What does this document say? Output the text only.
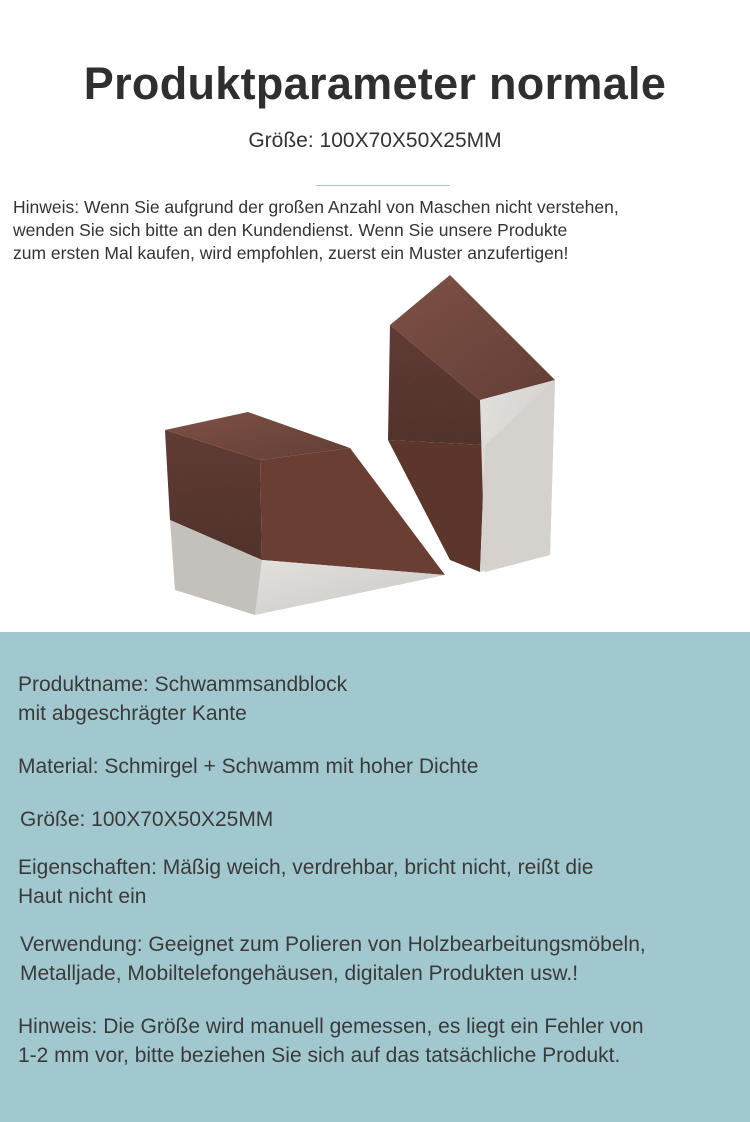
Produktparameter normale
Größe: 100X70X50X25MM
Hinweis: Wenn Sie aufgrund der großen Anzahl von Maschen nicht verstehen,
wenden Sie sich bitte an den Kundendienst. Wenn Sie unsere Produkte
zum ersten Mal kaufen, wird empfohlen, zuerst ein Muster anzufertigen!
Produktname: Schwammsandblock
mit abgeschrägter Kante
Material: Schmirgel + Schwamm mit hoher Dichte
Größe: 100X70X50X25MM
Eigenschaften: Mäßig weich, verdrehbar, bricht nicht, reißt die
Haut nicht ein
Verwendung: Geeignet zum Polieren von Holzbearbeitungsmöbeln,
Metalljade, Mobiltelefongehäusen, digitalen Produkten usw.!
Hinweis: Die Größe wird manuell gemessen, es liegt ein Fehler von
1-2 mm vor, bitte beziehen Sie sich auf das tatsächliche Produkt.
